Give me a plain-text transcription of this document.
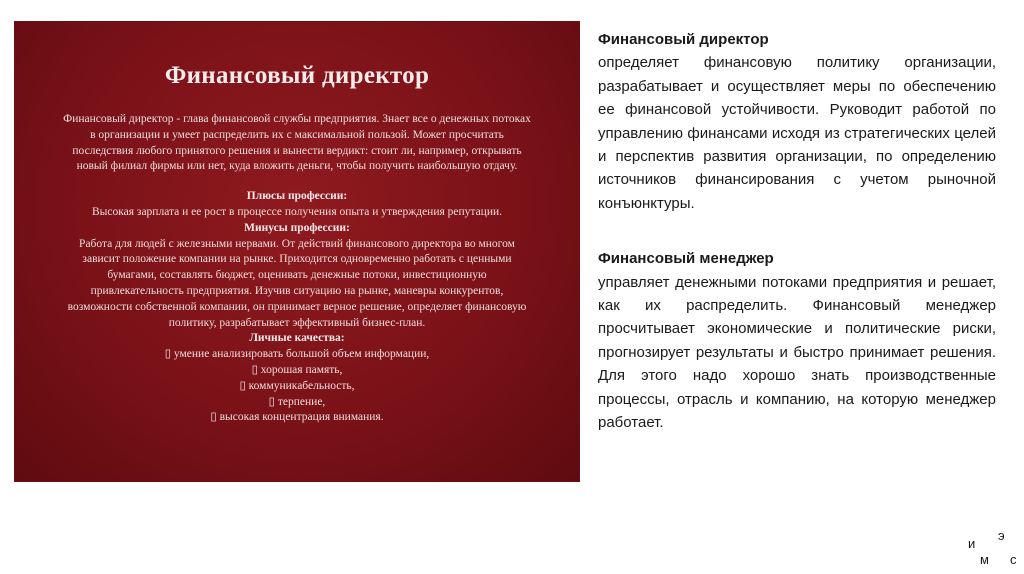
Финансовый директор

Финансовый директор - глава финансовой службы предприятия. Знает все о денежных потоках в организации и умеет распределить их с максимальной пользой. Может просчитать последствия любого принятого решения и вынести вердикт: стоит ли, например, открывать новый филиал фирмы или нет, куда вложить деньги, чтобы получить наибольшую отдачу.

Плюсы профессии:

Высокая зарплата и ее рост в процессе получения опыта и утверждения репутации.

Минусы профессии:

Работа для людей с железными нервами. От действий финансового директора во многом зависит положение компании на рынке. Приходится одновременно работать с ценными бумагами, составлять бюджет, оценивать денежные потоки, инвестиционную привлекательность предприятия. Изучив ситуацию на рынке, маневры конкурентов, возможности собственной компании, он принимает верное решение, определяет финансовую политику, разрабатывает эффективный бизнес-план.

Личные качества:

▯ умение анализировать большой объем информации,

▯ хорошая память,

▯ коммуникабельность,

▯ терпение,

▯ высокая концентрация внимания.

Финансовый директор
определяет финансовую политику организации, разрабатывает и осуществляет меры по обеспечению ее финансовой устойчивости. Руководит работой по управлению финансами исходя из стратегических целей и перспектив развития организации, по определению источников финансирования с учетом рыночной конъюнктуры.

Финансовый менеджер
управляет денежными потоками предприятия и решает, как их распределить. Финансовый менеджер просчитывает экономические и политические риски, прогнозирует результаты и быстро принимает решения. Для этого надо хорошо знать производственные процессы, отрасль и компанию, на которую менеджер работает.

и
э
м с
